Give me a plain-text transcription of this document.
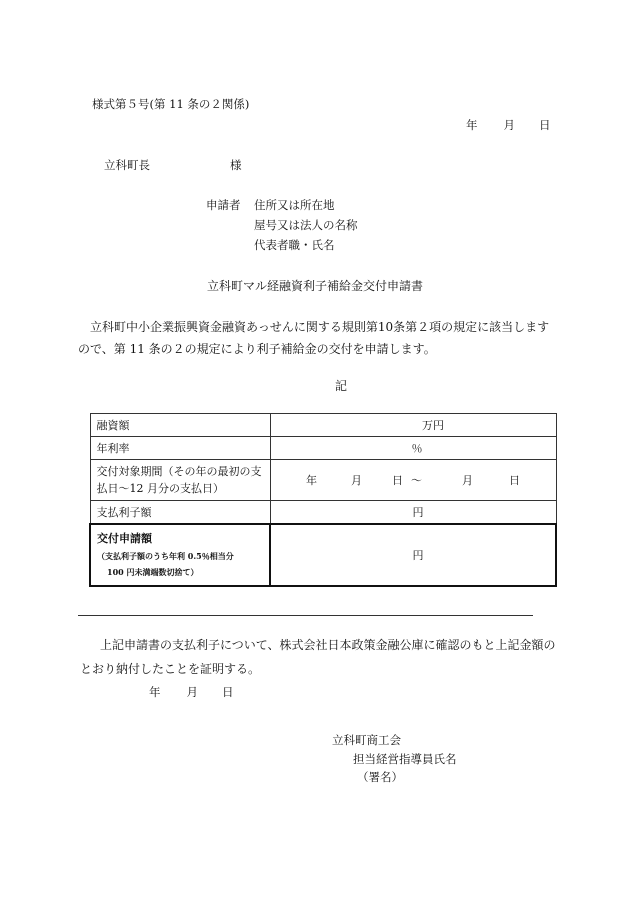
様式第５号(第 11 条の２関係)
年 月 日
立科町長	様
申請者 住所又は所在地
屋号又は法人の名称
代表者職・氏名
立科町マル経融資利子補給金交付申請書
立科町中小企業振興資金融資あっせんに関する規則第10条第２項の規定に該当しますので、第 11 条の２の規定により利子補給金の交付を申請します。
記
融資額	万円
年利率	％
交付対象期間（その年の最初の支払日～12 月分の支払日）	年 月 日 ～ 月 日
支払利子額	円

交付申請額
（支払利子額のうち年利 0.5％相当分
100 円未満端数切捨て）	円
上記申請書の支払利子について、株式会社日本政策金融公庫に確認のもと上記金額のとおり納付したことを証明する。
年 月 日
立科町商工会
担当経営指導員氏名
（署名）
